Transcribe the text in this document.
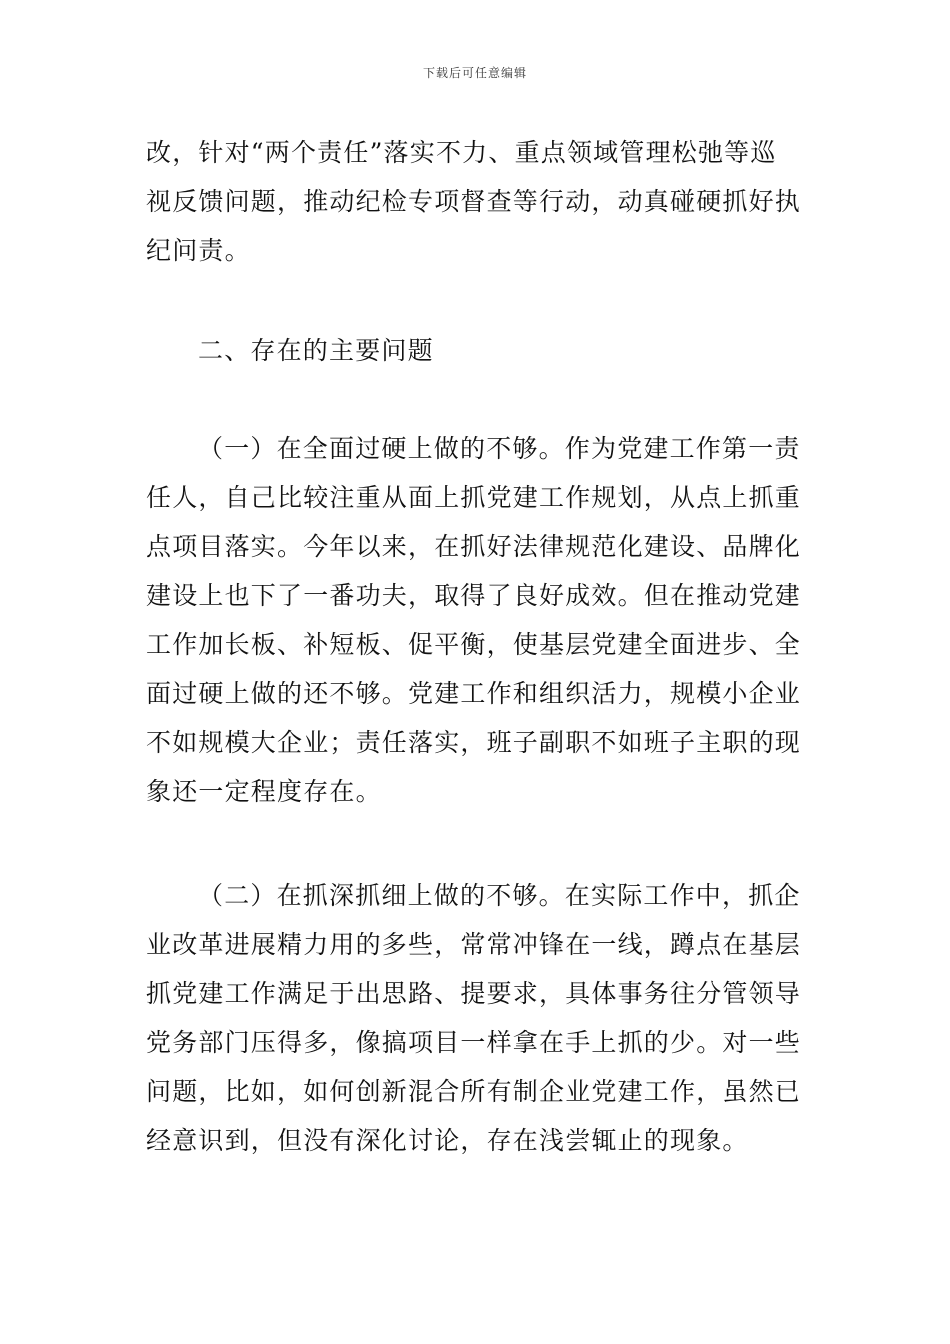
下载后可任意编辑
改，针对“两个责任”落实不力、重点领域管理松弛等巡
视反馈问题，推动纪检专项督查等行动，动真碰硬抓好执
纪问责。
二、存在的主要问题
（一）在全面过硬上做的不够。作为党建工作第一责
任人，自己比较注重从面上抓党建工作规划，从点上抓重
点项目落实。今年以来，在抓好法律规范化建设、品牌化
建设上也下了一番功夫，取得了良好成效。但在推动党建
工作加长板、补短板、促平衡，使基层党建全面进步、全
面过硬上做的还不够。党建工作和组织活力，规模小企业
不如规模大企业；责任落实，班子副职不如班子主职的现
象还一定程度存在。
（二）在抓深抓细上做的不够。在实际工作中，抓企
业改革进展精力用的多些，常常冲锋在一线，蹲点在基层
抓党建工作满足于出思路、提要求，具体事务往分管领导
党务部门压得多，像搞项目一样拿在手上抓的少。对一些
问题，比如，如何创新混合所有制企业党建工作，虽然已
经意识到，但没有深化讨论，存在浅尝辄止的现象。
